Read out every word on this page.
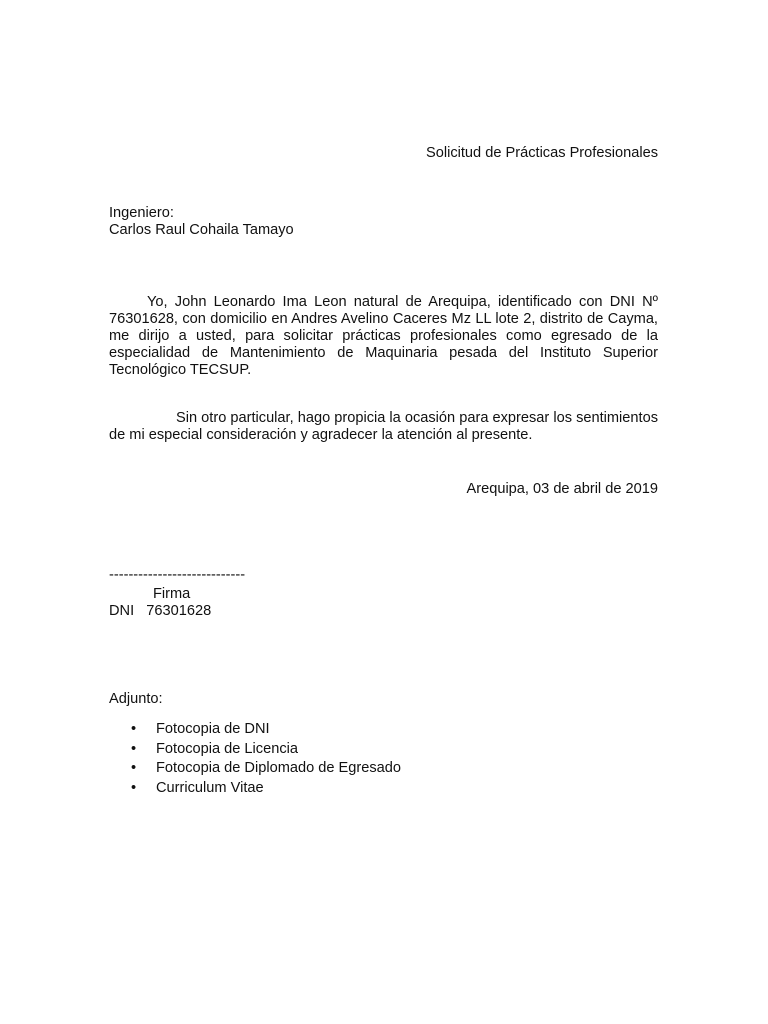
Solicitud de Prácticas Profesionales
Ingeniero:
Carlos Raul Cohaila Tamayo
Yo, John Leonardo Ima Leon natural de Arequipa, identificado con DNI Nº 76301628, con domicilio en Andres Avelino Caceres Mz LL lote 2, distrito de Cayma, me dirijo a usted, para solicitar prácticas profesionales como egresado de la especialidad de Mantenimiento de Maquinaria pesada del Instituto Superior Tecnológico TECSUP.
Sin otro particular, hago propicia la ocasión para expresar los sentimientos de mi especial consideración y agradecer la atención al presente.
Arequipa, 03 de abril de 2019
----------------------------
Firma
DNI   76301628
Adjunto:
• Fotocopia de DNI
• Fotocopia de Licencia
• Fotocopia de Diplomado de Egresado
• Curriculum Vitae
